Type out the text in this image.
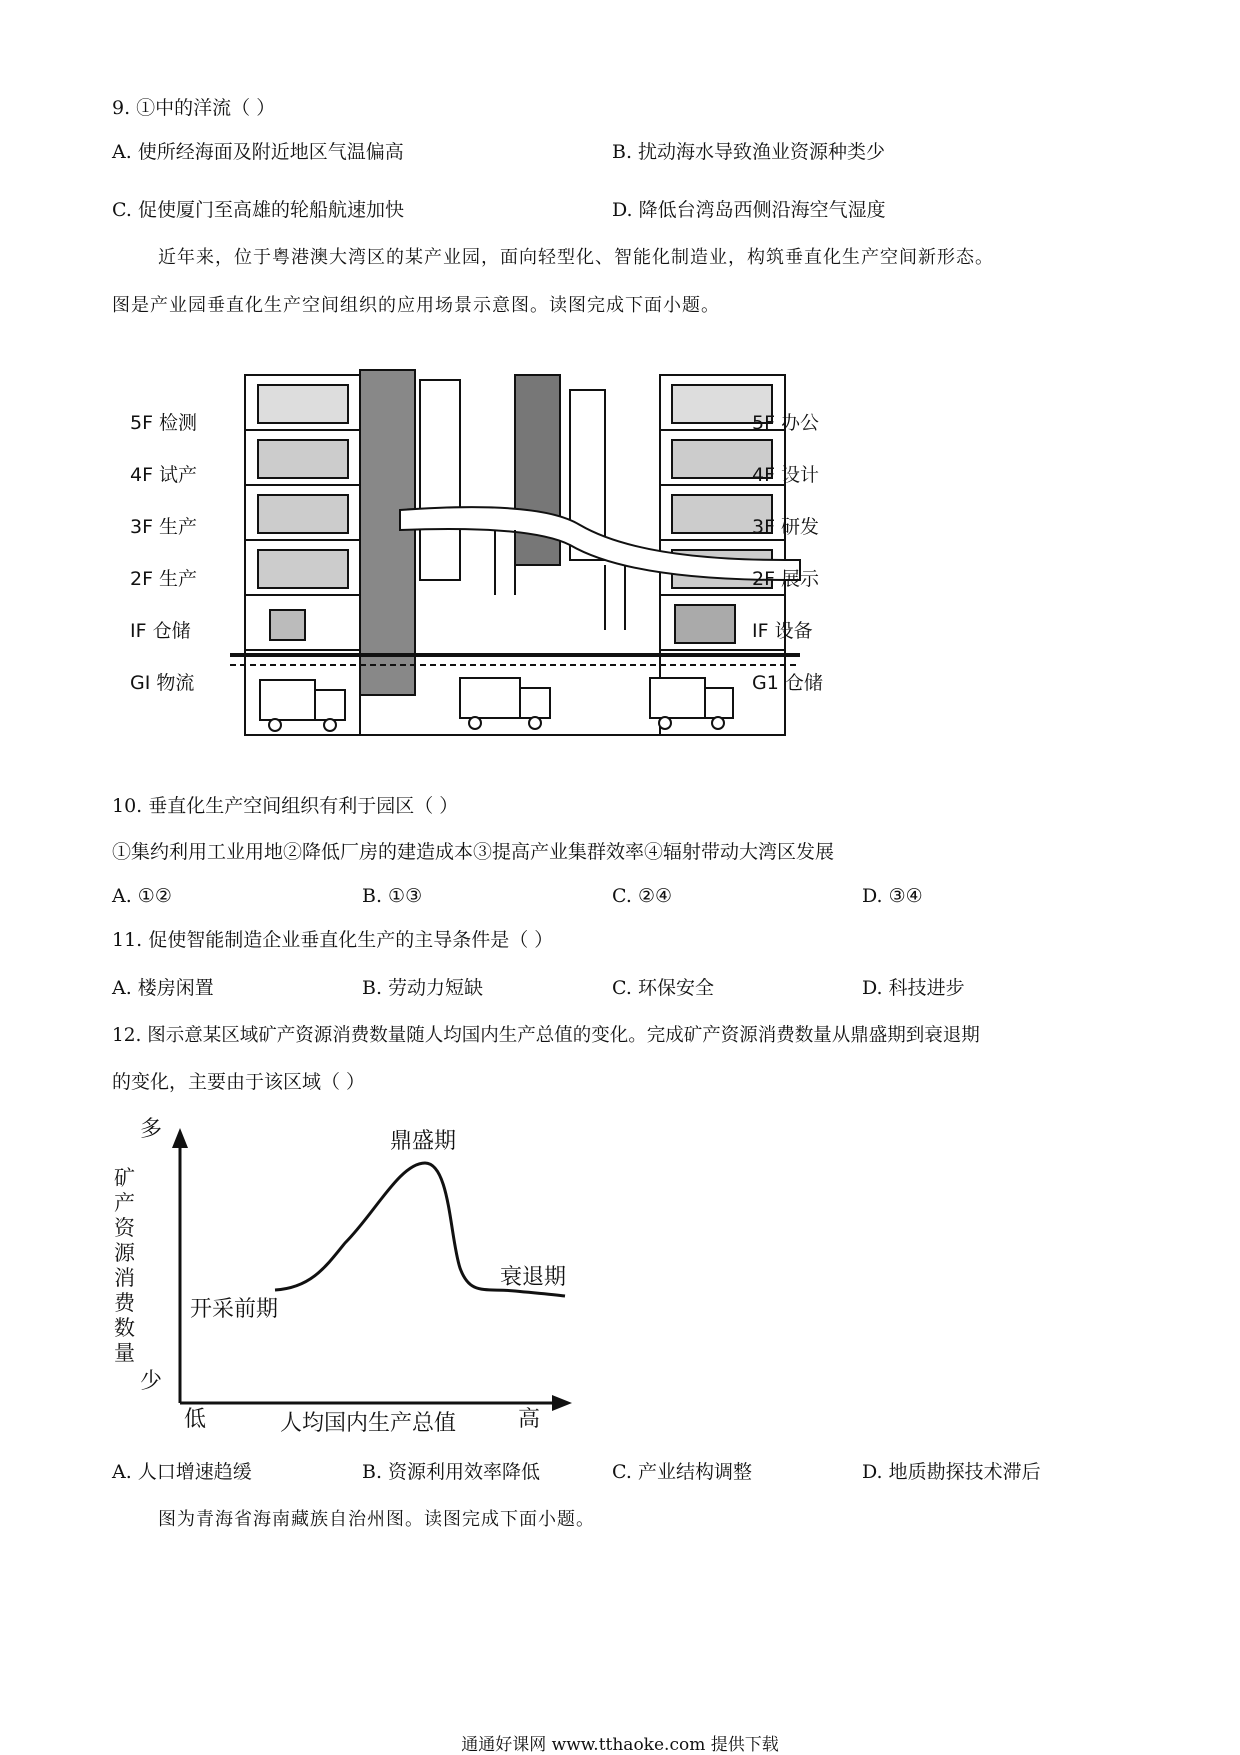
9. ①中的洋流（ ）
A. 使所经海面及附近地区气温偏高	B. 扰动海水导致渔业资源种类少
C. 促使厦门至高雄的轮船航速加快	D. 降低台湾岛西侧沿海空气湿度
近年来，位于粤港澳大湾区的某产业园，面向轻型化、智能化制造业，构筑垂直化生产空间新形态。
图是产业园垂直化生产空间组织的应用场景示意图。读图完成下面小题。
5F 检测
4F 试产
3F 生产
2F 生产
IF 仓储
GI 物流
5F 办公
4F 设计
3F 研发
2F 展示
IF 设备
G1 仓储
10. 垂直化生产空间组织有利于园区（ ）
①集约利用工业用地②降低厂房的建造成本③提高产业集群效率④辐射带动大湾区发展
A. ①②	B. ①③	C. ②④	D. ③④
11. 促使智能制造企业垂直化生产的主导条件是（ ）
A. 楼房闲置	B. 劳动力短缺	C. 环保安全	D. 科技进步
12. 图示意某区域矿产资源消费数量随人均国内生产总值的变化。完成矿产资源消费数量从鼎盛期到衰退期
的变化，主要由于该区域（ ）
多
少
矿产资源消费数量
低	人均国内生产总值	高
开采前期
鼎盛期
衰退期
A. 人口增速趋缓	B. 资源利用效率降低	C. 产业结构调整	D. 地质勘探技术滞后
图为青海省海南藏族自治州图。读图完成下面小题。
通通好课网 www.tthaoke.com 提供下载
